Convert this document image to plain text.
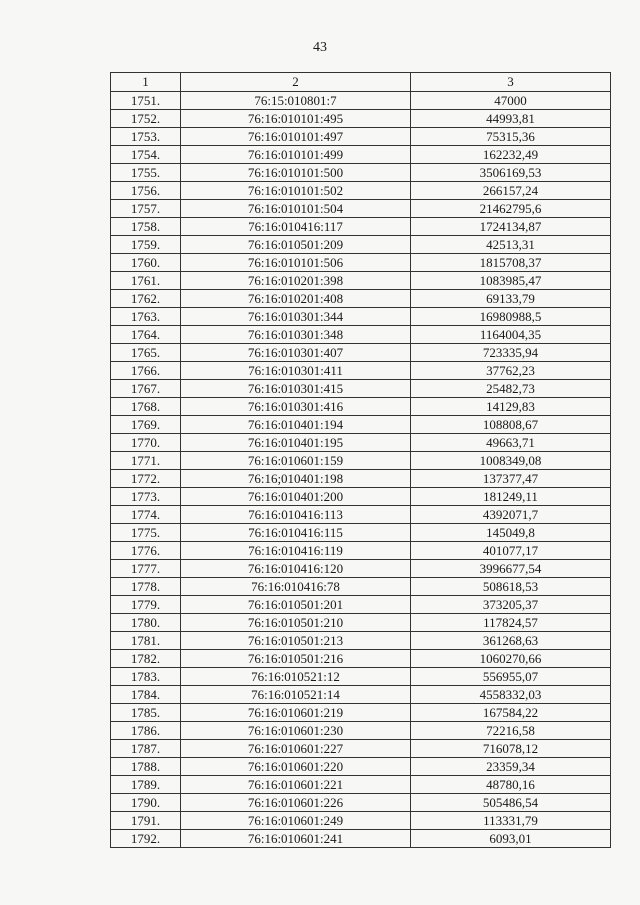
43
1	2	3
1751.	76:15:010801:7	47000
1752.	76:16:010101:495	44993,81
1753.	76:16:010101:497	75315,36
1754.	76:16:010101:499	162232,49
1755.	76:16:010101:500	3506169,53
1756.	76:16:010101:502	266157,24
1757.	76:16:010101:504	21462795,6
1758.	76:16:010416:117	1724134,87
1759.	76:16:010501:209	42513,31
1760.	76:16:010101:506	1815708,37
1761.	76:16:010201:398	1083985,47
1762.	76:16:010201:408	69133,79
1763.	76:16:010301:344	16980988,5
1764.	76:16:010301:348	1164004,35
1765.	76:16:010301:407	723335,94
1766.	76:16:010301:411	37762,23
1767.	76:16:010301:415	25482,73
1768.	76:16:010301:416	14129,83
1769.	76:16:010401:194	108808,67
1770.	76:16:010401:195	49663,71
1771.	76:16:010601:159	1008349,08
1772.	76:16;010401:198	137377,47
1773.	76:16:010401:200	181249,11
1774.	76:16:010416:113	4392071,7
1775.	76:16:010416:115	145049,8
1776.	76:16:010416:119	401077,17
1777.	76:16:010416:120	3996677,54
1778.	76:16:010416:78	508618,53
1779.	76:16:010501:201	373205,37
1780.	76:16:010501:210	117824,57
1781.	76:16:010501:213	361268,63
1782.	76:16:010501:216	1060270,66
1783.	76:16:010521:12	556955,07
1784.	76:16:010521:14	4558332,03
1785.	76:16:010601:219	167584,22
1786.	76:16:010601:230	72216,58
1787.	76:16:010601:227	716078,12
1788.	76:16:010601:220	23359,34
1789.	76:16:010601:221	48780,16
1790.	76:16:010601:226	505486,54
1791.	76:16:010601:249	113331,79
1792.	76:16:010601:241	6093,01
